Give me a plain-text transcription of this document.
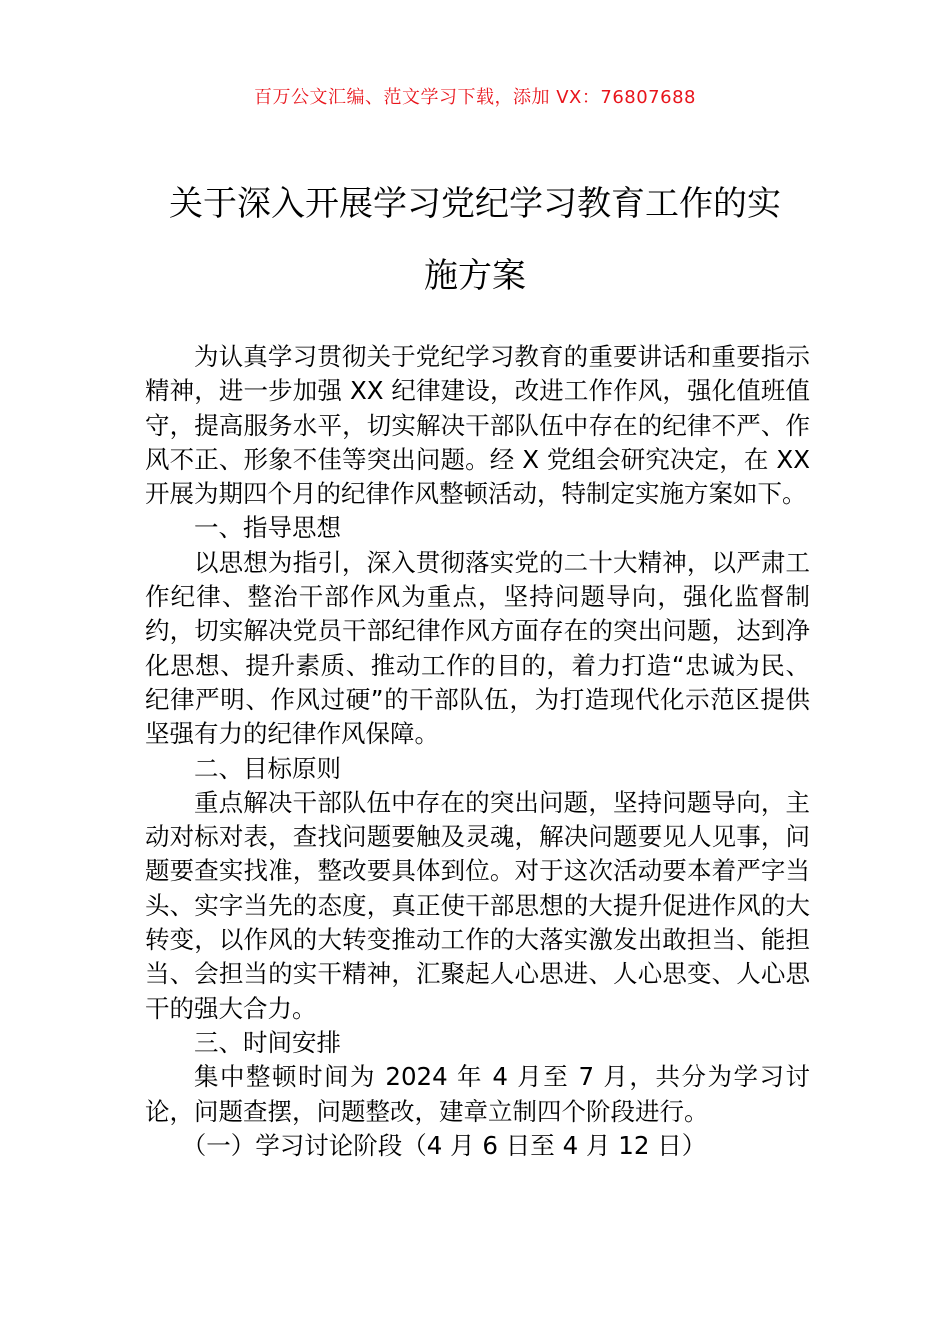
百万公文汇编、范文学习下载，添加 VX：76807688
关于深入开展学习党纪学习教育工作的实
施方案

为认真学习贯彻关于党纪学习教育的重要讲话和重要指示精神，进一步加强 XX 纪律建设，改进工作作风，强化值班值守，提高服务水平，切实解决干部队伍中存在的纪律不严、作风不正、形象不佳等突出问题。经 X 党组会研究决定，在 XX 开展为期四个月的纪律作风整顿活动，特制定实施方案如下。

一、指导思想

以思想为指引，深入贯彻落实党的二十大精神，以严肃工作纪律、整治干部作风为重点，坚持问题导向，强化监督制约，切实解决党员干部纪律作风方面存在的突出问题，达到净化思想、提升素质、推动工作的目的，着力打造“忠诚为民、纪律严明、作风过硬”的干部队伍，为打造现代化示范区提供坚强有力的纪律作风保障。

二、目标原则

重点解决干部队伍中存在的突出问题，坚持问题导向，主动对标对表，查找问题要触及灵魂，解决问题要见人见事，问题要查实找准，整改要具体到位。对于这次活动要本着严字当头、实字当先的态度，真正使干部思想的大提升促进作风的大转变，以作风的大转变推动工作的大落实激发出敢担当、能担当、会担当的实干精神，汇聚起人心思进、人心思变、人心思干的强大合力。

三、时间安排

集中整顿时间为 2024 年 4 月至 7 月，共分为学习讨论，问题查摆，问题整改，建章立制四个阶段进行。

（一）学习讨论阶段（4 月 6 日至 4 月 12 日）
